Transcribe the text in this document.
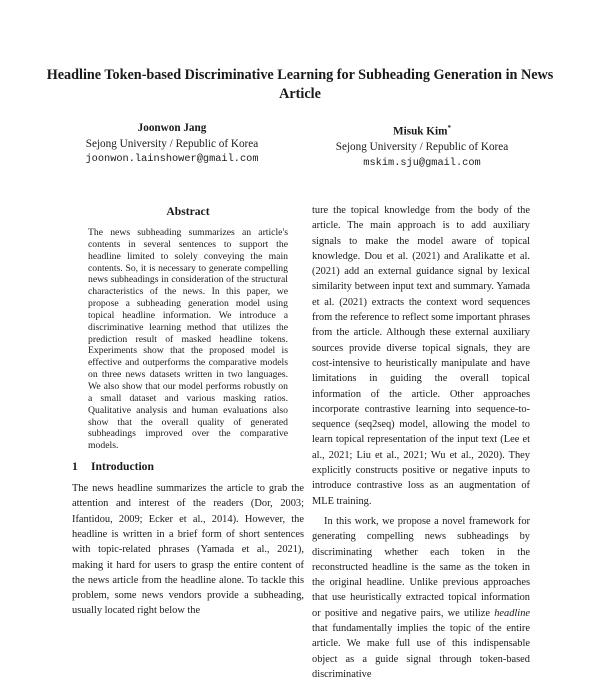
Headline Token-based Discriminative Learning for Subheading Generation in News Article
Joonwon Jang
Sejong University / Republic of Korea
joonwon.lainshower@gmail.com
Misuk Kim*
Sejong University / Republic of Korea
mskim.sju@gmail.com
Abstract

The news subheading summarizes an article's contents in several sentences to support the headline limited to solely conveying the main contents. So, it is necessary to generate compelling news subheadings in consideration of the structural characteristics of the news. In this paper, we propose a subheading generation model using topical headline information. We introduce a discriminative learning method that utilizes the prediction result of masked headline tokens. Experiments show that the proposed model is effective and outperforms the comparative models on three news datasets written in two languages. We also show that our model performs robustly on a small dataset and various masking ratios. Qualitative analysis and human evaluations also show that the overall quality of generated subheadings improved over the comparative models.

1 Introduction

The news headline summarizes the article to grab the attention and interest of the readers (Dor, 2003; Ifantidou, 2009; Ecker et al., 2014). However, the headline is written in a brief form of short sentences with topic-related phrases (Yamada et al., 2021), making it hard for users to grasp the entire content of the news article from the headline alone. To tackle this problem, some news vendors provide a subheading, usually located right below the

ture the topical knowledge from the body of the article. The main approach is to add auxiliary signals to make the model aware of topical knowledge. Dou et al. (2021) and Aralikatte et al. (2021) add an external guidance signal by lexical similarity between input text and summary. Yamada et al. (2021) extracts the context word sequences from the reference to reflect some important phrases from the article. Although these external auxiliary sources provide diverse topical signals, they are cost-intensive to heuristically manipulate and have limitations in guiding the overall topical information of the article. Other approaches incorporate contrastive learning into sequence-to-sequence (seq2seq) model, allowing the model to learn topical representation of the input text (Lee et al., 2021; Liu et al., 2021; Wu et al., 2020). They explicitly constructs positive or negative inputs to introduce contrastive loss as an augmentation of MLE training.

In this work, we propose a novel framework for generating compelling news subheadings by discriminating whether each token in the reconstructed headline is the same as the token in the original headline. Unlike previous approaches that use heuristically extracted topical information or positive and negative pairs, we utilize headline that fundamentally implies the topic of the entire article. We make full use of this indispensable object as a guide signal through token-based discriminative
